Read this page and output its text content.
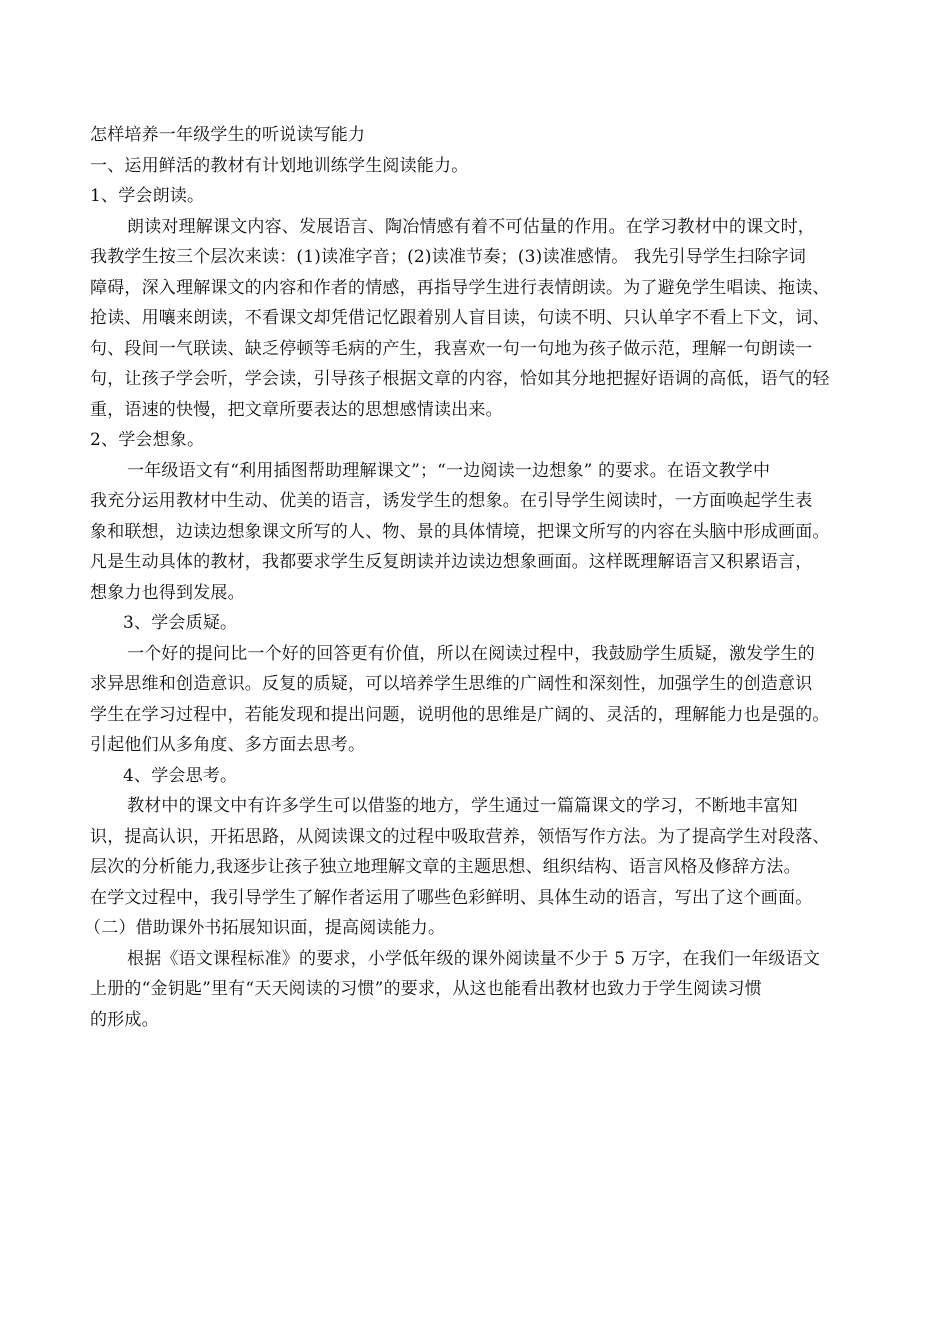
怎样培养一年级学生的听说读写能力
一、运用鲜活的教材有计划地训练学生阅读能力。
1、学会朗读。
朗读对理解课文内容、发展语言、陶冶情感有着不可估量的作用。在学习教材中的课文时，
我教学生按三个层次来读：(1)读准字音；(2)读准节奏；(3)读准感情。 我先引导学生扫除字词
障碍，深入理解课文的内容和作者的情感，再指导学生进行表情朗读。为了避免学生唱读、拖读、
抢读、用嚷来朗读，不看课文却凭借记忆跟着别人盲目读，句读不明、只认单字不看上下文，词、
句、段间一气联读、缺乏停顿等毛病的产生，我喜欢一句一句地为孩子做示范，理解一句朗读一
句，让孩子学会听，学会读，引导孩子根据文章的内容，恰如其分地把握好语调的高低，语气的轻
重，语速的快慢，把文章所要表达的思想感情读出来。
2、学会想象。
一年级语文有“利用插图帮助理解课文”；“一边阅读一边想象” 的要求。在语文教学中
我充分运用教材中生动、优美的语言，诱发学生的想象。在引导学生阅读时，一方面唤起学生表
象和联想，边读边想象课文所写的人、物、景的具体情境，把课文所写的内容在头脑中形成画面。
凡是生动具体的教材，我都要求学生反复朗读并边读边想象画面。这样既理解语言又积累语言，
想象力也得到发展。
3、学会质疑。
一个好的提问比一个好的回答更有价值，所以在阅读过程中，我鼓励学生质疑，激发学生的
求异思维和创造意识。反复的质疑，可以培养学生思维的广阔性和深刻性，加强学生的创造意识
学生在学习过程中，若能发现和提出问题，说明他的思维是广阔的、灵活的，理解能力也是强的。
引起他们从多角度、多方面去思考。
4、学会思考。
教材中的课文中有许多学生可以借鉴的地方，学生通过一篇篇课文的学习，不断地丰富知
识，提高认识，开拓思路，从阅读课文的过程中吸取营养，领悟写作方法。为了提高学生对段落、
层次的分析能力,我逐步让孩子独立地理解文章的主题思想、组织结构、语言风格及修辞方法。
在学文过程中，我引导学生了解作者运用了哪些色彩鲜明、具体生动的语言，写出了这个画面。
（二）借助课外书拓展知识面，提高阅读能力。
根据《语文课程标准》的要求，小学低年级的课外阅读量不少于 5 万字，在我们一年级语文
上册的“金钥匙”里有“天天阅读的习惯”的要求，从这也能看出教材也致力于学生阅读习惯
的形成。
